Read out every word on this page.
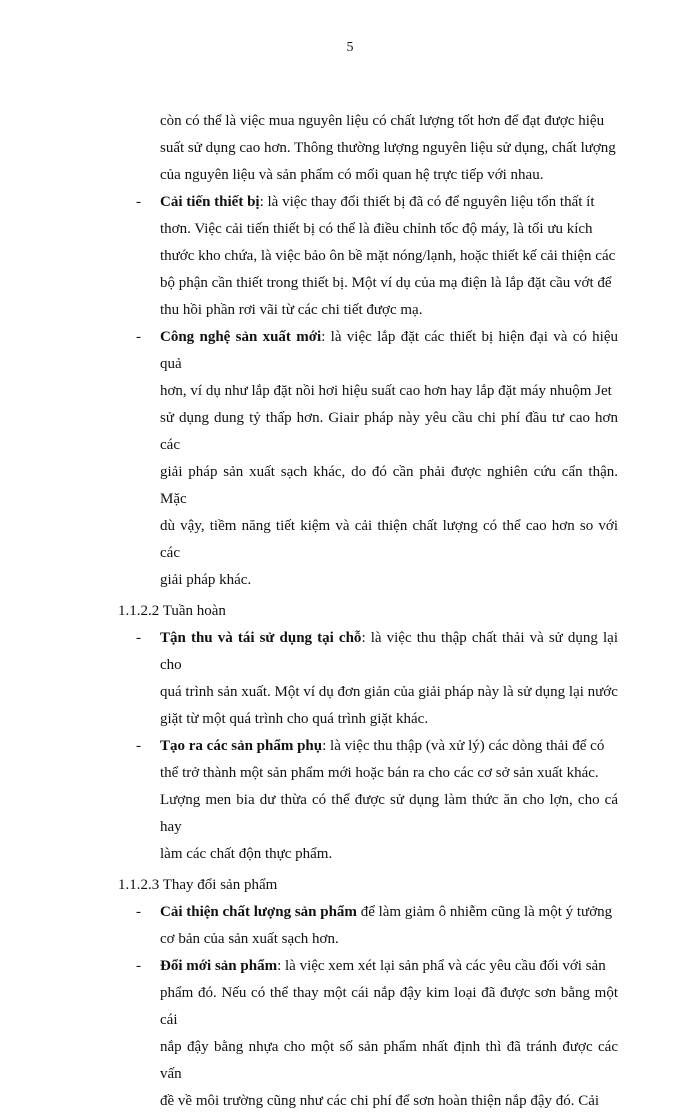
5

còn có thể là việc mua nguyên liệu có chất lượng tốt hơn để đạt được hiệu
suất sử dụng cao hơn. Thông thường lượng nguyên liệu sử dụng, chất lượng
của nguyên liệu và sản phẩm có mối quan hệ trực tiếp với nhau.

- Cải tiến thiết bị: là việc thay đổi thiết bị đã có để nguyên liệu tổn thất ít
thơn. Việc cải tiến thiết bị có thể là điều chỉnh tốc độ máy, là tối ưu kích
thước kho chứa, là việc bảo ôn bề mặt nóng/lạnh, hoặc thiết kế cải thiện các
bộ phận cần thiết trong thiết bị. Một ví dụ của mạ điện là lắp đặt cầu vớt để
thu hồi phần rơi vãi từ các chi tiết được mạ.
- Công nghệ sản xuất mới: là việc lắp đặt các thiết bị hiện đại và có hiệu quả
hơn, ví dụ như lắp đặt nồi hơi hiệu suất cao hơn hay lắp đặt máy nhuộm Jet
sử dụng dung tỷ thấp hơn. Giair pháp này yêu cầu chi phí đầu tư cao hơn các
giải pháp sản xuất sạch khác, do đó cần phải được nghiên cứu cẩn thận. Mặc
dù vậy, tiềm năng tiết kiệm và cải thiện chất lượng có thể cao hơn so với các
giải pháp khác.
1.1.2.2 Tuần hoàn
- Tận thu và tái sử dụng tại chỗ: là việc thu thập chất thải và sử dụng lại cho
quá trình sản xuất. Một ví dụ đơn giản của giải pháp này là sử dụng lại nước
giặt từ một quá trình cho quá trình giặt khác.
- Tạo ra các sản phẩm phụ: là việc thu thập (và xử lý) các dòng thải để có
thể trở thành một sản phẩm mới hoặc bán ra cho các cơ sở sản xuất khác.
Lượng men bia dư thừa có thể được sử dụng làm thức ăn cho lợn, cho cá hay
làm các chất độn thực phẩm.
1.1.2.3 Thay đổi sản phẩm
- Cải thiện chất lượng sản phẩm để làm giảm ô nhiễm cũng là một ý tưởng
cơ bản của sản xuất sạch hơn.
- Đổi mới sản phẩm: là việc xem xét lại sản phẩ và các yêu cầu đối với sản
phẩm đó. Nếu có thể thay một cái nắp đậy kim loại đã được sơn bằng một cái
nắp đậy bằng nhựa cho một số sản phẩm nhất định thì đã tránh được các vấn
đề về môi trường cũng như các chi phí để sơn hoàn thiện nắp đậy đó. Cải
